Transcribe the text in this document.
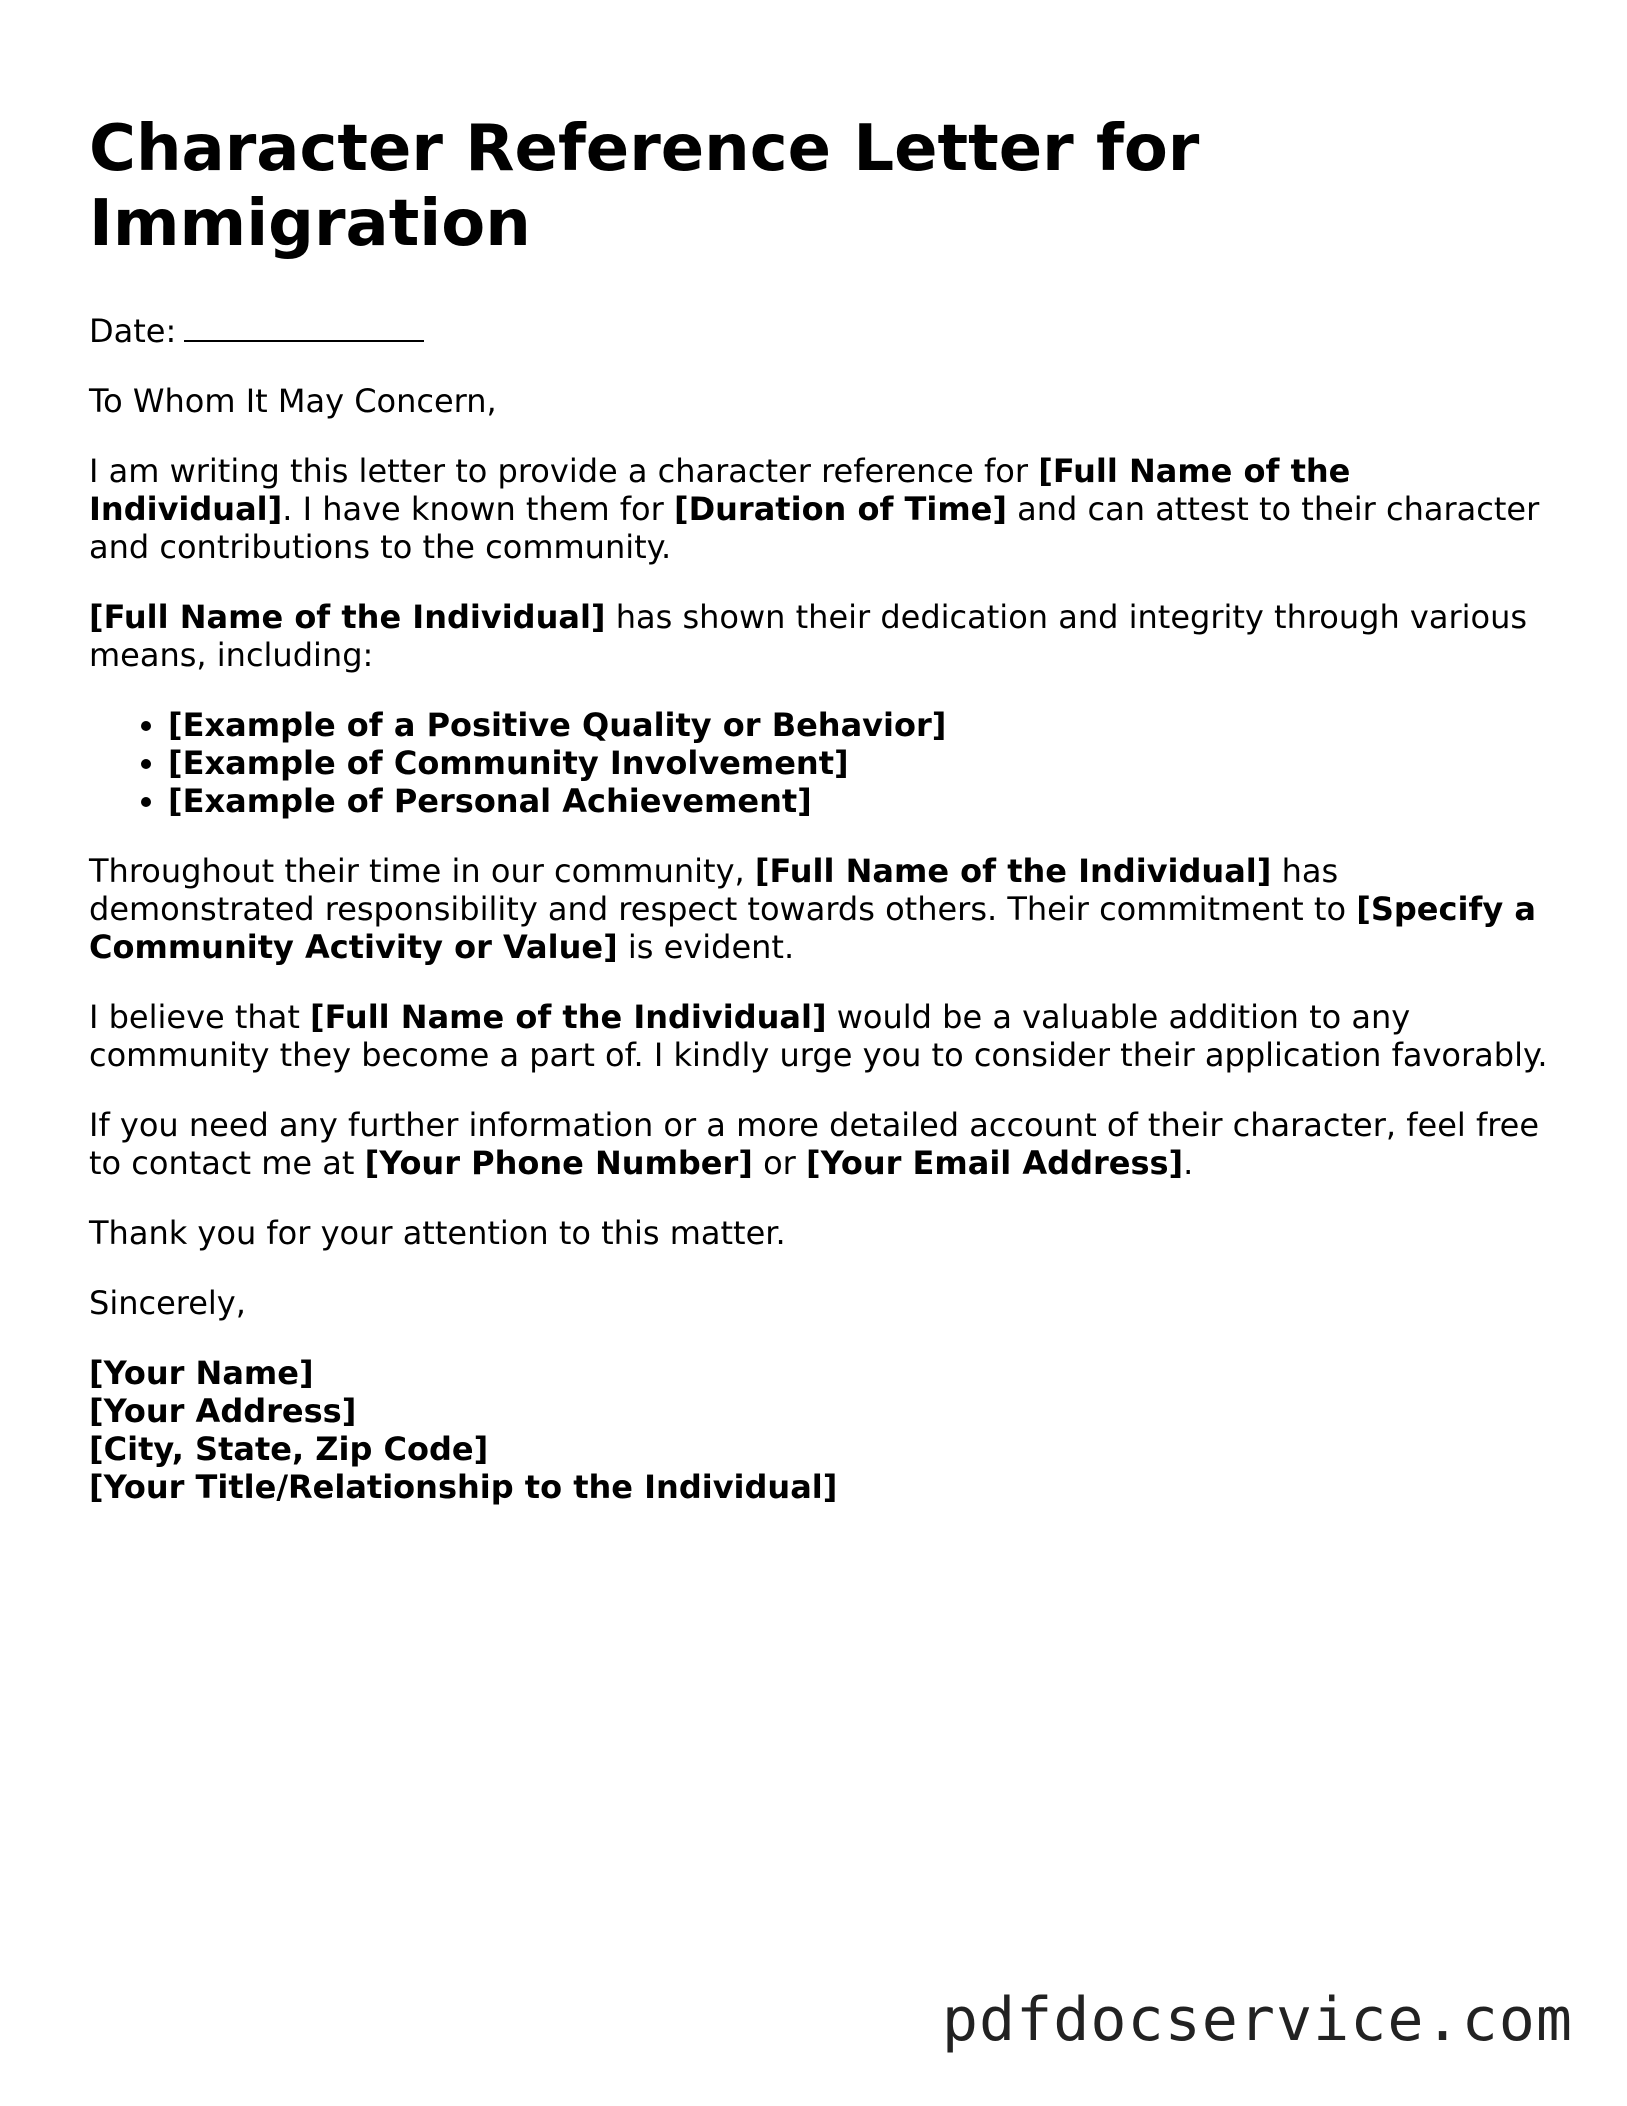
Character Reference Letter for Immigration

Date:

To Whom It May Concern,

I am writing this letter to provide a character reference for [Full Name of the Individual]. I have known them for [Duration of Time] and can attest to their character and contributions to the community.

[Full Name of the Individual] has shown their dedication and integrity through various means, including:

• [Example of a Positive Quality or Behavior]
• [Example of Community Involvement]
• [Example of Personal Achievement]

Throughout their time in our community, [Full Name of the Individual] has demonstrated responsibility and respect towards others. Their commitment to [Specify a Community Activity or Value] is evident.

I believe that [Full Name of the Individual] would be a valuable addition to any community they become a part of. I kindly urge you to consider their application favorably.

If you need any further information or a more detailed account of their character, feel free to contact me at [Your Phone Number] or [Your Email Address].

Thank you for your attention to this matter.

Sincerely,

[Your Name]

[Your Address]

[City, State, Zip Code]

[Your Title/Relationship to the Individual]

pdfdocservice.com
